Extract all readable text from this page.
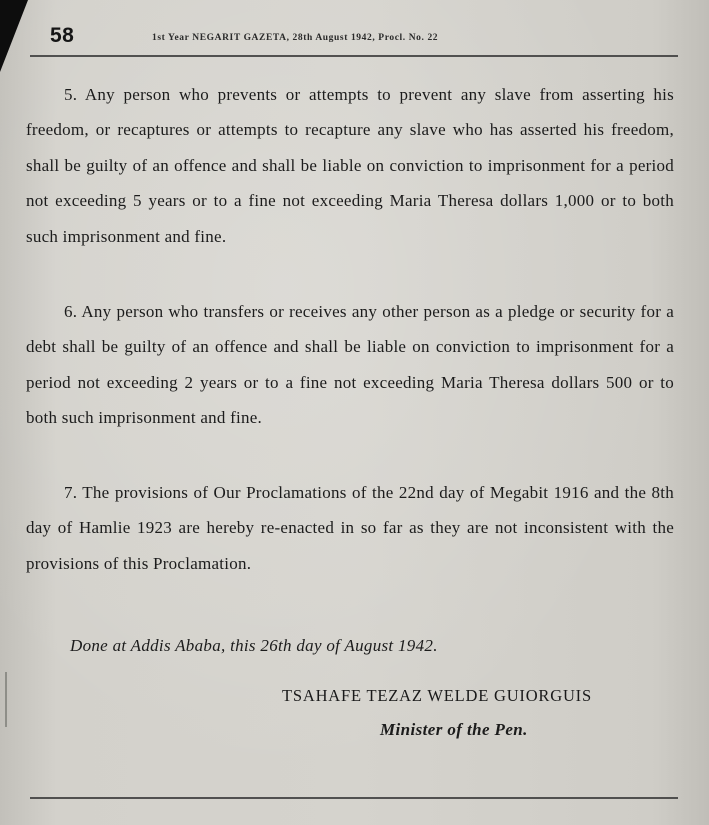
58	1st Year NEGARIT GAZETA, 28th August 1942, Procl. No. 22

5. Any person who prevents or attempts to prevent any slave from asserting his freedom, or recaptures or attempts to recapture any slave who has asserted his freedom, shall be guilty of an offence and shall be liable on conviction to imprisonment for a period not exceeding 5 years or to a fine not exceeding Maria Theresa dollars 1,000 or to both such imprisonment and fine.

6. Any person who transfers or receives any other person as a pledge or security for a debt shall be guilty of an offence and shall be liable on conviction to imprisonment for a period not exceeding 2 years or to a fine not exceeding Maria Theresa dollars 500 or to both such imprisonment and fine.

7. The provisions of Our Proclamations of the 22nd day of Megabit 1916 and the 8th day of Hamlie 1923 are hereby re-enacted in so far as they are not inconsistent with the provisions of this Proclamation.

Done at Addis Ababa, this 26th day of August 1942.
TSAHAFE TEZAZ WELDE GUIORGUIS
Minister of the Pen.
